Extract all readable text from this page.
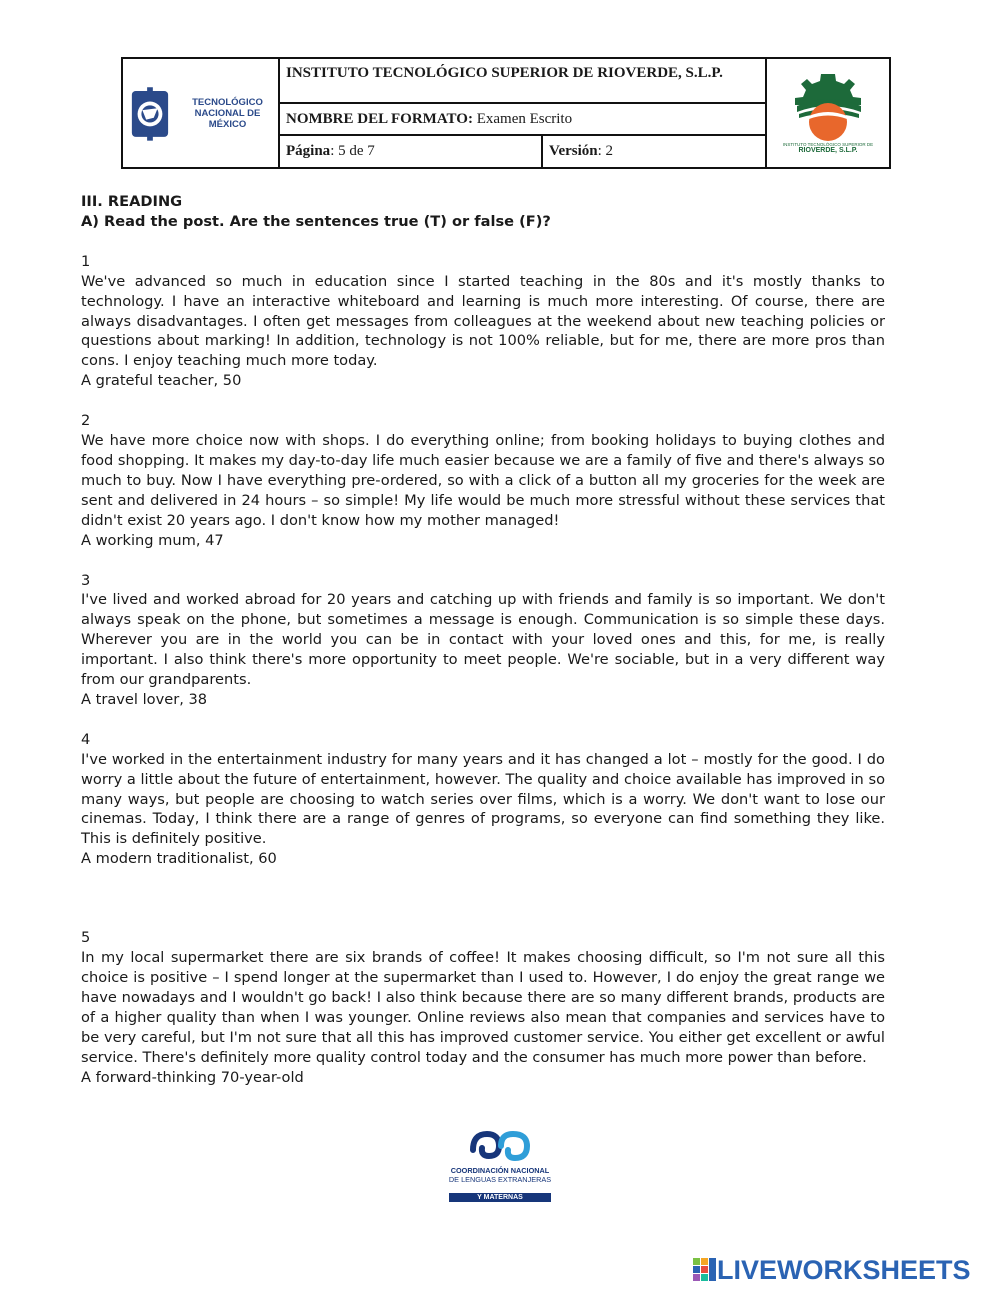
TECNOLÓGICO
NACIONAL DE MÉXICO
INSTITUTO TECNOLÓGICO SUPERIOR DE RIOVERDE, S.L.P.
NOMBRE DEL FORMATO:
Examen Escrito
Página : 5 de 7	Versión : 2	INSTITUTO TECNOLÓGICO SUPERIOR DE
RIOVERDE, S.L.P.

III. READING

A) Read the post. Are the sentences true (T) or false (F)?

1

We've advanced so much in education since I started teaching in the 80s and it's mostly thanks to technology. I have an interactive whiteboard and learning is much more interesting. Of course, there are always disadvantages. I often get messages from colleagues at the weekend about new teaching policies or questions about marking! In addition, technology is not 100% reliable, but for me, there are more pros than cons. I enjoy teaching much more today.

A grateful teacher, 50

2

We have more choice now with shops. I do everything online; from booking holidays to buying clothes and food shopping. It makes my day-to-day life much easier because we are a family of five and there's always so much to buy. Now I have everything pre-ordered, so with a click of a button all my groceries for the week are sent and delivered in 24 hours – so simple! My life would be much more stressful without these services that didn't exist 20 years ago. I don't know how my mother managed!

A working mum, 47

3

I've lived and worked abroad for 20 years and catching up with friends and family is so important. We don't always speak on the phone, but sometimes a message is enough. Communication is so simple these days. Wherever you are in the world you can be in contact with your loved ones and this, for me, is really important. I also think there's more opportunity to meet people. We're sociable, but in a very different way from our grandparents.

A travel lover, 38

4

I've worked in the entertainment industry for many years and it has changed a lot – mostly for the good. I do worry a little about the future of entertainment, however. The quality and choice available has improved in so many ways, but people are choosing to watch series over films, which is a worry. We don't want to lose our cinemas. Today, I think there are a range of genres of programs, so everyone can find something they like. This is definitely positive.

A modern traditionalist, 60

5

In my local supermarket there are six brands of coffee! It makes choosing difficult, so I'm not sure all this choice is positive – I spend longer at the supermarket than I used to. However, I do enjoy the great range we have nowadays and I wouldn't go back! I also think because there are so many different brands, products are of a higher quality than when I was younger. Online reviews also mean that companies and services have to be very careful, but I'm not sure that all this has improved customer service. You either get excellent or awful service. There's definitely more quality control today and the consumer has much more power than before.

A forward-thinking 70-year-old

COORDINACIÓN NACIONAL
DE LENGUAS EXTRANJERAS
Y MATERNAS
LIVEWORKSHEETS
